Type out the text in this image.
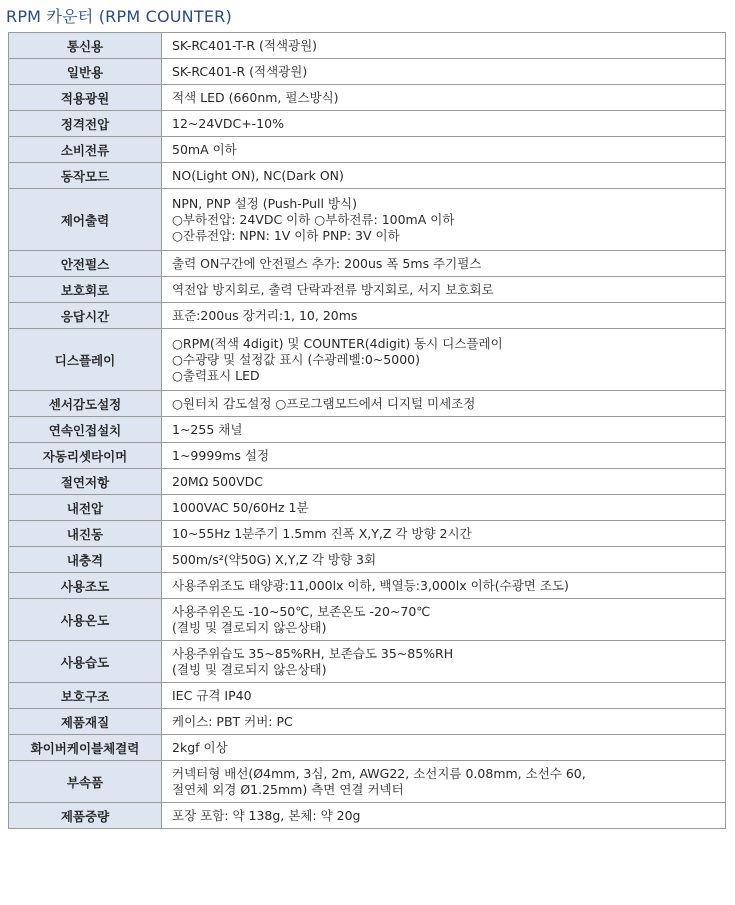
RPM 카운터 (RPM COUNTER)
통신용	SK-RC401-T-R (적색광원)

일반용	SK-RC401-R (적색광원)

적용광원	적색 LED (660nm, 펄스방식)

정격전압	12~24VDC+-10%

소비전류	50mA 이하

동작모드	NO(Light ON), NC(Dark ON)

제어출력	NPN, PNP 설정 (Push-Pull 방식)
○부하전압: 24VDC 이하 ○부하전류: 100mA 이하
○잔류전압: NPN: 1V 이하 PNP: 3V 이하

안전펄스	출력 ON구간에 안전펄스 추가: 200us 폭 5ms 주기펄스

보호회로	역전압 방지회로, 출력 단락과전류 방지회로, 서지 보호회로

응답시간	표준:200us 장거리:1, 10, 20ms

디스플레이	○RPM(적색 4digit) 및 COUNTER(4digit) 동시 디스플레이
○수광량 및 설정값 표시 (수광레벨:0~5000)
○출력표시 LED

센서감도설정	○원터치 감도설정 ○프로그램모드에서 디지털 미세조정

연속인접설치	1~255 채널

자동리셋타이머	1~9999ms 설정

절연저항	20MΩ 500VDC

내전압	1000VAC 50/60Hz 1분

내진동	10~55Hz 1분주기 1.5mm 진폭 X,Y,Z 각 방향 2시간

내충격	500m/s²(약50G) X,Y,Z 각 방향 3회

사용조도	사용주위조도 태양광:11,000lx 이하, 백열등:3,000lx 이하(수광면 조도)

사용온도	사용주위온도 -10~50℃, 보존온도 -20~70℃
(결빙 및 결로되지 않은상태)

사용습도	사용주위습도 35~85%RH, 보존습도 35~85%RH
(결빙 및 결로되지 않은상태)

보호구조	IEC 규격 IP40

제품재질	케이스: PBT 커버: PC

화이버케이블체결력	2kgf 이상

부속품	커넥터형 배선(Ø4mm, 3심, 2m, AWG22, 소선지름 0.08mm, 소선수 60,
절연체 외경 Ø1.25mm) 측면 연결 커넥터

제품중량	포장 포함: 약 138g, 본체: 약 20g
